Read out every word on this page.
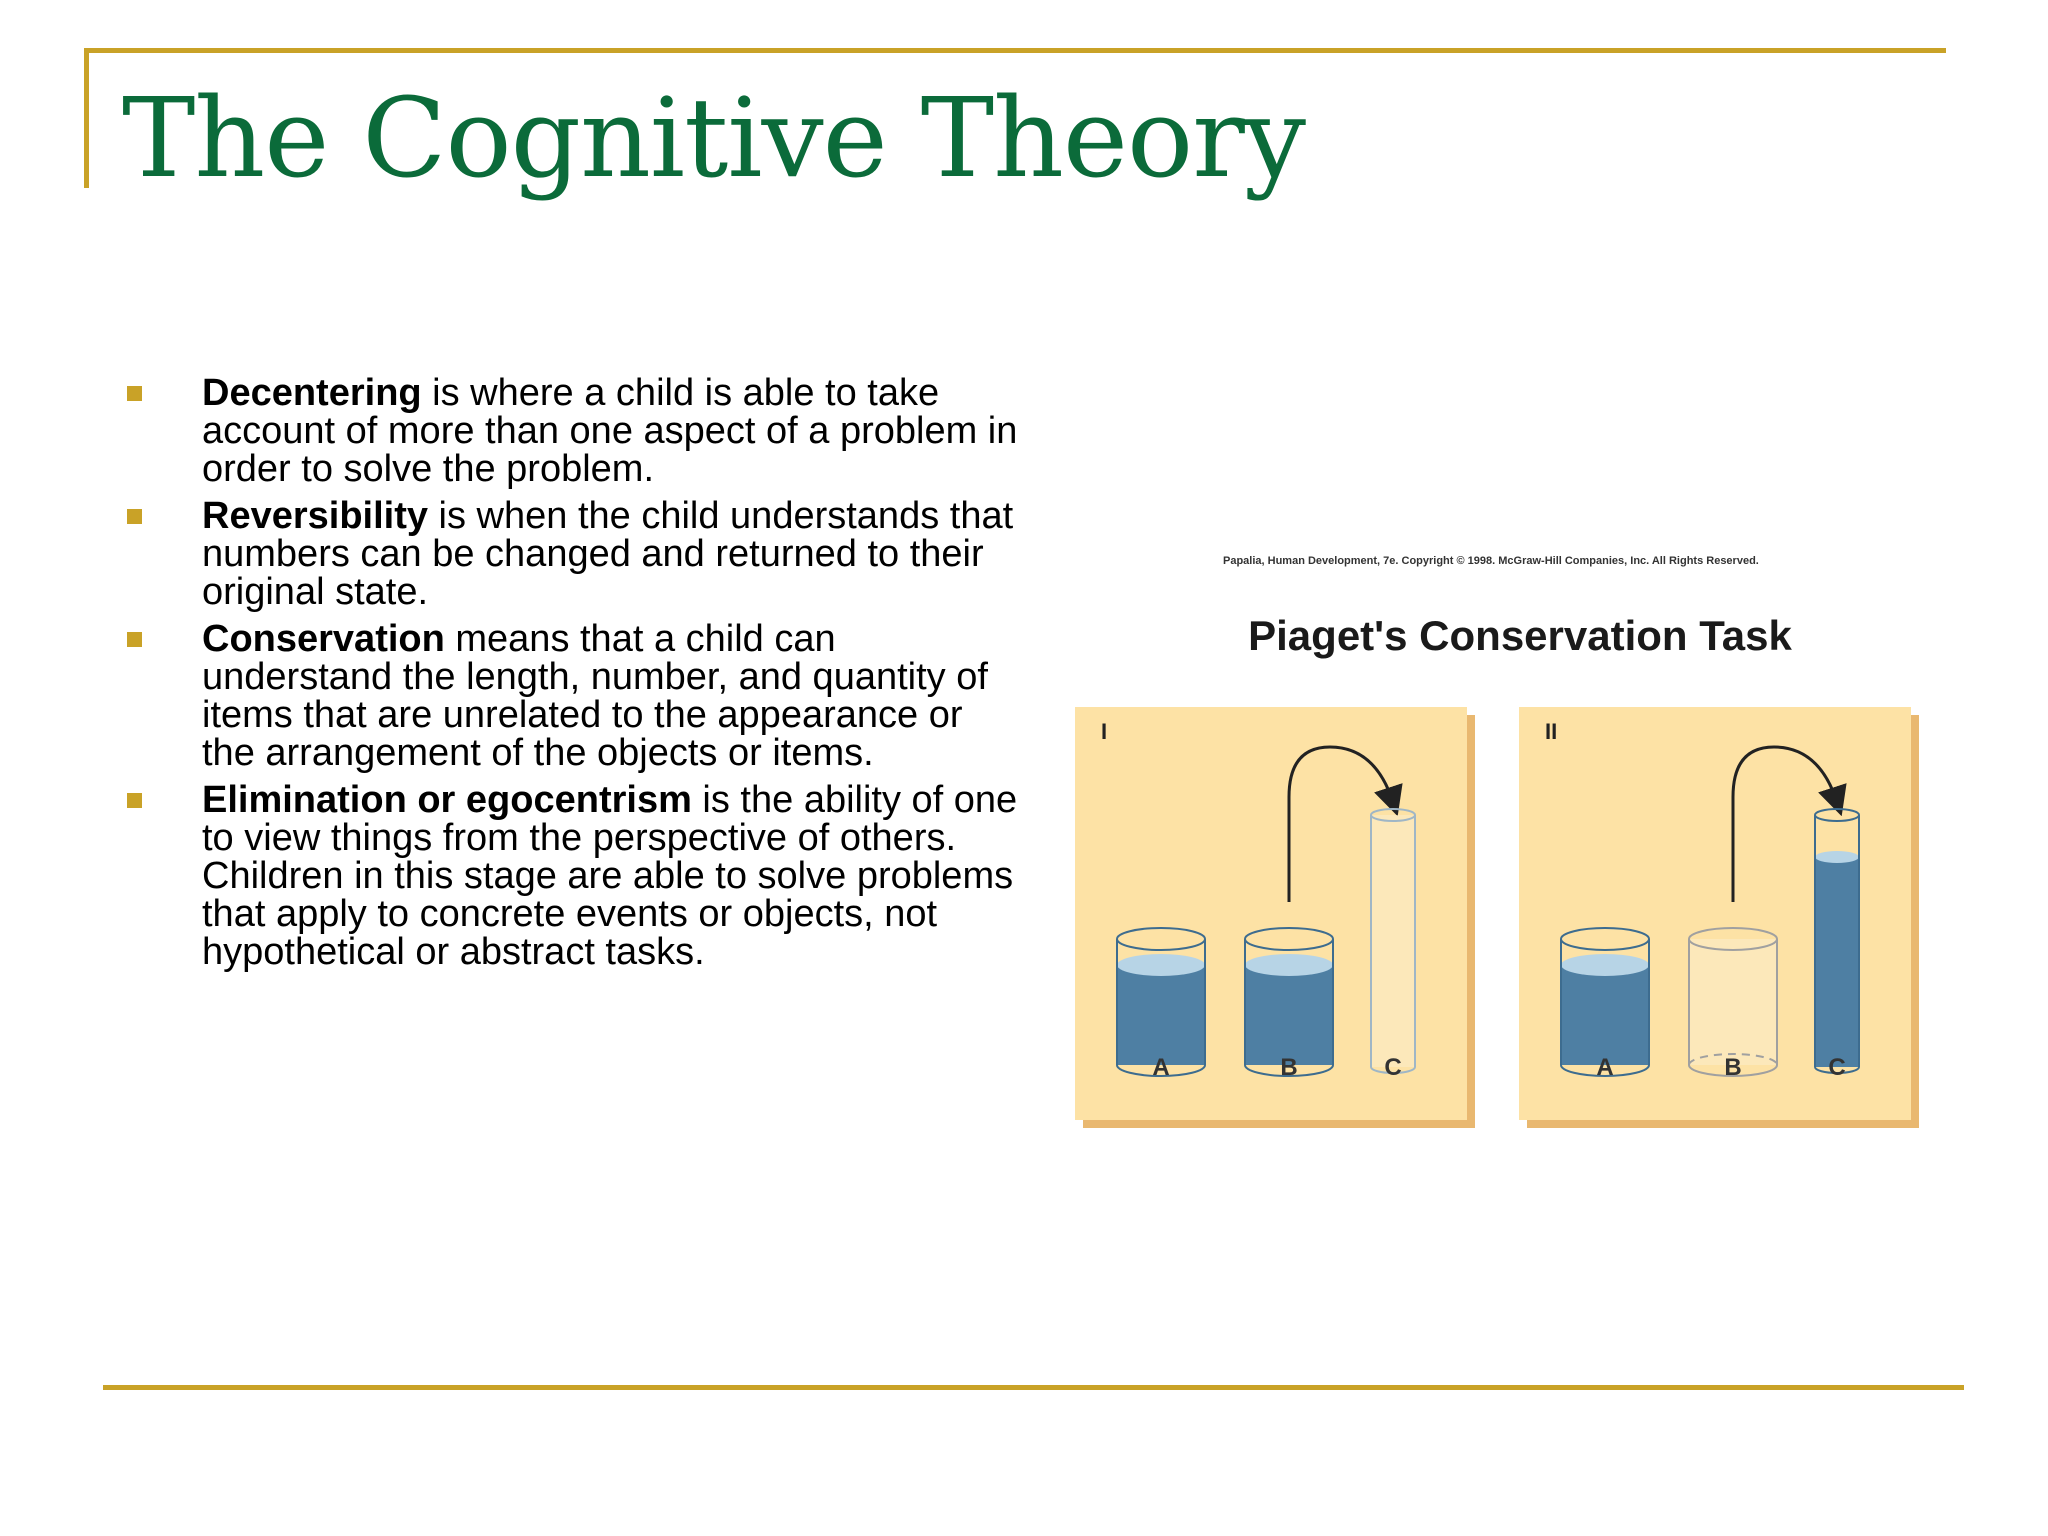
The Cognitive Theory
Decentering is where a child is able to take account of more than one aspect of a problem in order to solve the problem.
Reversibility is when the child understands that numbers can be changed and returned to their original state.
Conservation means that a child can understand the length, number, and quantity of items that are unrelated to the appearance or the arrangement of the objects or items.
Elimination or egocentrism is the ability of one to view things from the perspective of others. Children in this stage are able to solve problems that apply to concrete events or objects, not hypothetical or abstract tasks.
Papalia, Human Development, 7e. Copyright © 1998. McGraw-Hill Companies, Inc. All Rights Reserved.
Piaget's Conservation Task
I
A	B	C
II
A	B	C
